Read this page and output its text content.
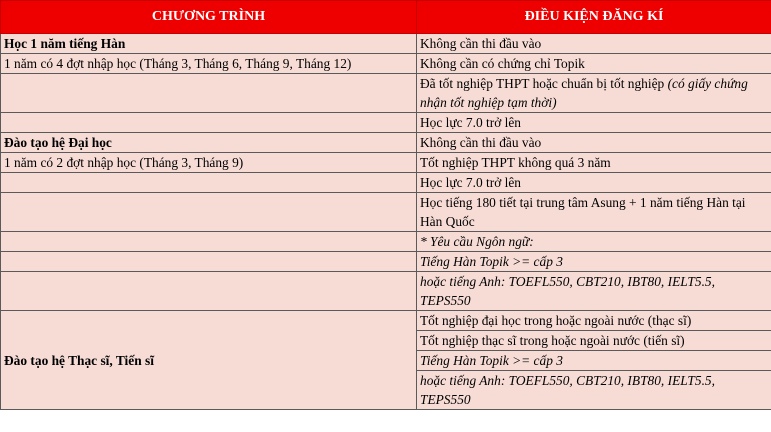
CHƯƠNG TRÌNH	ĐIỀU KIỆN ĐĂNG KÍ
Học 1 năm tiếng Hàn	Không cần thi đầu vào
1 năm có 4 đợt nhập học (Tháng 3, Tháng 6, Tháng 9, Tháng 12)	Không cần có chứng chỉ Topik
	Đã tốt nghiệp THPT hoặc chuẩn bị tốt nghiệp (có giấy chứng nhận tốt nghiệp tạm thời)
	Học lực 7.0 trở lên
Đào tạo hệ Đại học	Không cần thi đầu vào
1 năm có 2 đợt nhập học (Tháng 3, Tháng 9)	Tốt nghiệp THPT không quá 3 năm
	Học lực 7.0 trở lên
	Học tiếng 180 tiết tại trung tâm Asung + 1 năm tiếng Hàn tại Hàn Quốc
	* Yêu cầu Ngôn ngữ:
	Tiếng Hàn Topik >= cấp 3
	hoặc tiếng Anh: TOEFL550, CBT210, IBT80, IELT5.5, TEPS550
Đào tạo hệ Thạc sĩ, Tiến sĩ	Tốt nghiệp đại học trong hoặc ngoài nước (thạc sĩ)
	Tốt nghiệp thạc sĩ trong hoặc ngoài nước (tiến sĩ)
	Tiếng Hàn Topik >= cấp 3
	hoặc tiếng Anh: TOEFL550, CBT210, IBT80, IELT5.5, TEPS550
